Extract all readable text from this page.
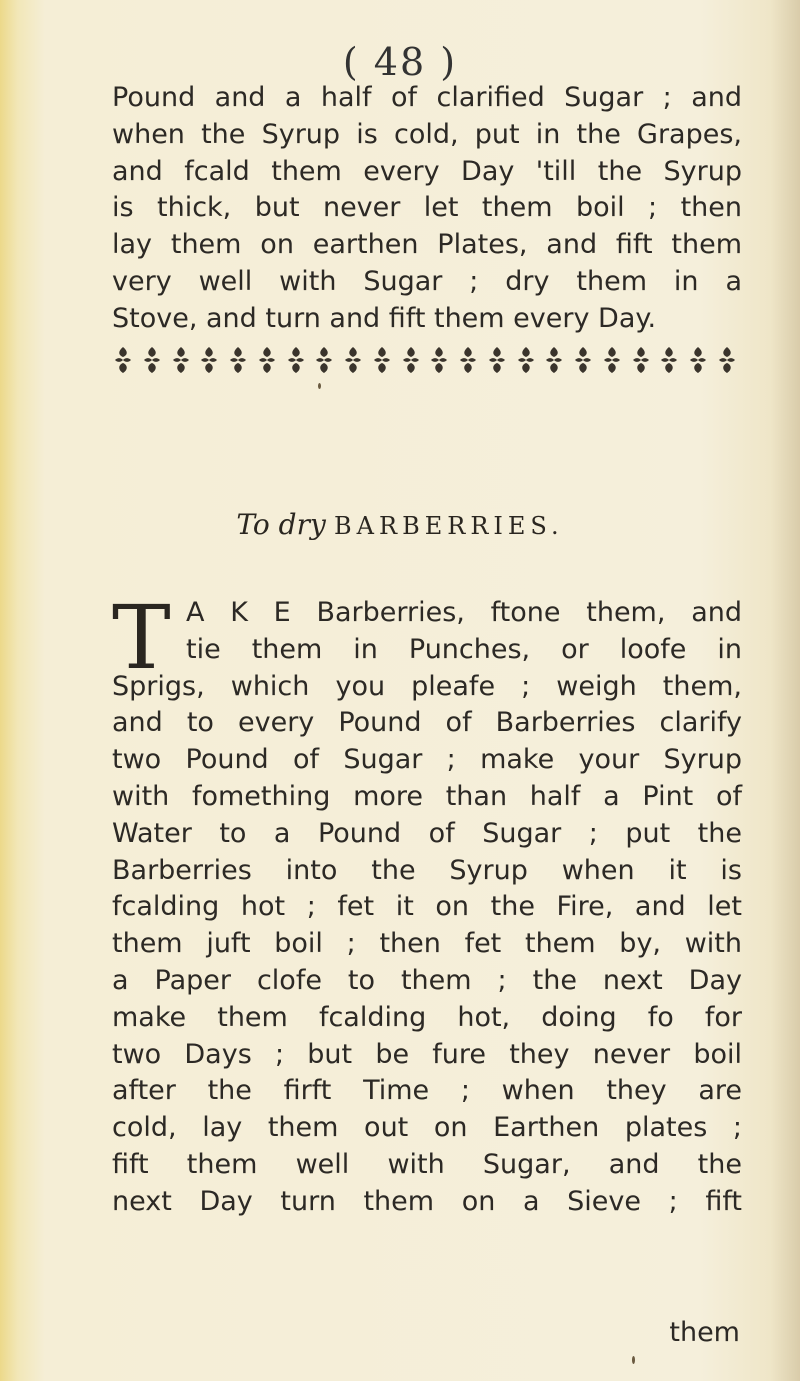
( 48 )
Pound and a half of clarified Sugar ; and
when the Syrup is cold, put in the Grapes,
and fcald them every Day 'till the Syrup
is thick, but never let them boil ; then
lay them on earthen Plates, and fift them
very well with Sugar ; dry them in a
Stove, and turn and fift them every Day.
To dry BARBERRIES.
T A K E Barberries, ftone them, and
tie them in Punches, or loofe in
Sprigs, which you pleafe ; weigh them,
and to every Pound of Barberries clarify
two Pound of Sugar ; make your Syrup
with fomething more than half a Pint of
Water to a Pound of Sugar ; put the
Barberries into the Syrup when it is
fcalding hot ; fet it on the Fire, and let
them juft boil ; then fet them by, with
a Paper clofe to them ; the next Day
make them fcalding hot, doing fo for
two Days ; but be fure they never boil
after the firft Time ; when they are
cold, lay them out on Earthen plates ;
fift them well with Sugar, and the
next Day turn them on a Sieve ; fift
them
